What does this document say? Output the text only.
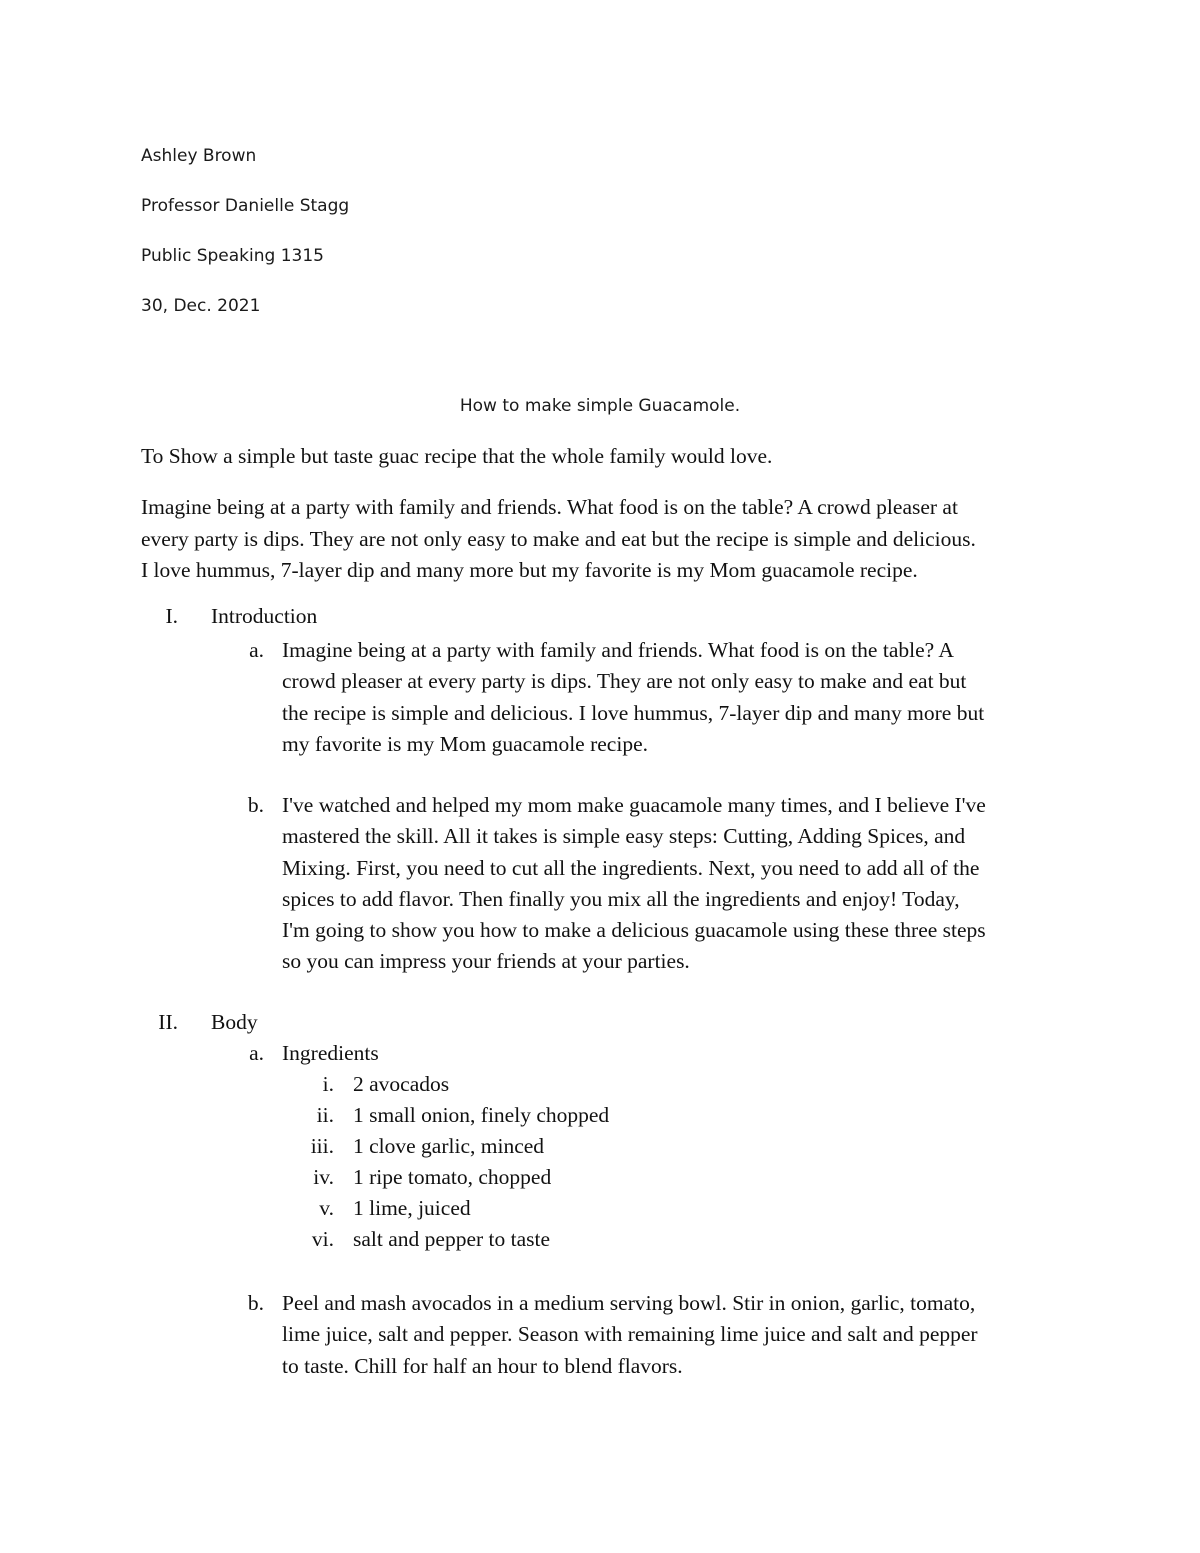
Ashley Brown
Professor Danielle Stagg
Public Speaking 1315
30, Dec. 2021
How to make simple Guacamole.
To Show a simple but taste guac recipe that the whole family would love.
Imagine being at a party with family and friends. What food is on the table? A crowd pleaser at
every party is dips. They are not only easy to make and eat but the recipe is simple and delicious.
I love hummus, 7-layer dip and many more but my favorite is my Mom guacamole recipe.
I. Introduction
a. Imagine being at a party with family and friends. What food is on the table? A
crowd pleaser at every party is dips. They are not only easy to make and eat but
the recipe is simple and delicious. I love hummus, 7-layer dip and many more but
my favorite is my Mom guacamole recipe.
b. I've watched and helped my mom make guacamole many times, and I believe I've
mastered the skill. All it takes is simple easy steps: Cutting, Adding Spices, and
Mixing. First, you need to cut all the ingredients. Next, you need to add all of the
spices to add flavor. Then finally you mix all the ingredients and enjoy! Today,
I'm going to show you how to make a delicious guacamole using these three steps
so you can impress your friends at your parties.
II. Body
a. Ingredients
i. 2 avocados
ii. 1 small onion, finely chopped
iii. 1 clove garlic, minced
iv. 1 ripe tomato, chopped
v. 1 lime, juiced
vi. salt and pepper to taste
b. Peel and mash avocados in a medium serving bowl. Stir in onion, garlic, tomato,
lime juice, salt and pepper. Season with remaining lime juice and salt and pepper
to taste. Chill for half an hour to blend flavors.
